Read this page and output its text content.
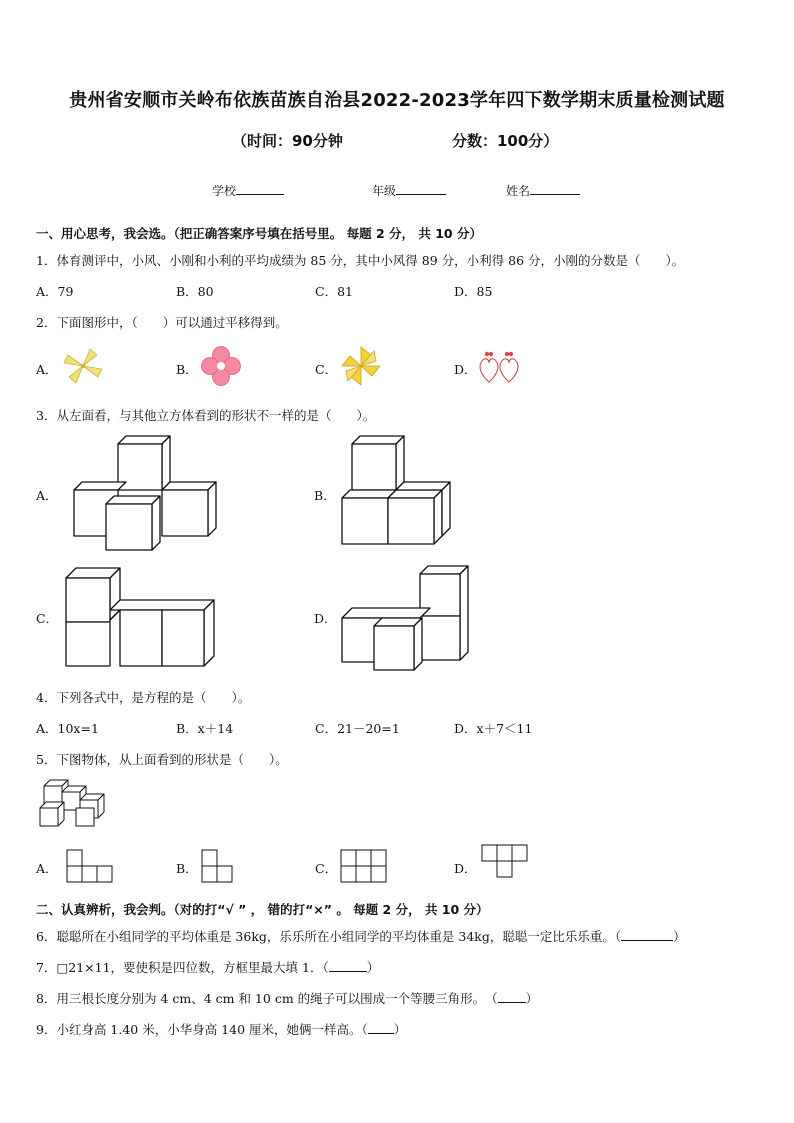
贵州省安顺市关岭布依族苗族自治县2022-2023学年四下数学期末质量检测试题
（时间：90分钟	分数：100分）
学校	年级	姓名
一、用心思考，我会选。（把正确答案序号填在括号里。 每题 2 分， 共 10 分）
1．体育测评中，小风、小刚和小利的平均成绩为 85 分，其中小风得 89 分，小利得 86 分，小刚的分数是（　　）。
A．79	B．80	C．81	D．85
2．下面图形中，（　　）可以通过平移得到。
A．	B．	C．	D．
3．从左面看，与其他立方体看到的形状不一样的是（　　）。
A．	B．
C．	D．
4．下列各式中，是方程的是（　　）。
A．10x=1	B．x＋14	C．21－20=1	D．x＋7＜11
5．下图物体，从上面看到的形状是（　　）。
A．	B．	C．	D．
二、认真辨析，我会判。（对的打“√ ” ， 错的打“×” 。 每题 2 分， 共 10 分）
6．聪聪所在小组同学的平均体重是 36kg，乐乐所在小组同学的平均体重是 34kg，聪聪一定比乐乐重。（	）
7．□21×11，要使积是四位数，方框里最大填 1．（	）
8．用三根长度分别为 4 cm、4 cm 和 10 cm 的绳子可以围成一个等腰三角形。　（ ）
9．小红身高 1.40 米，小华身高 140 厘米，她俩一样高。（ ）
